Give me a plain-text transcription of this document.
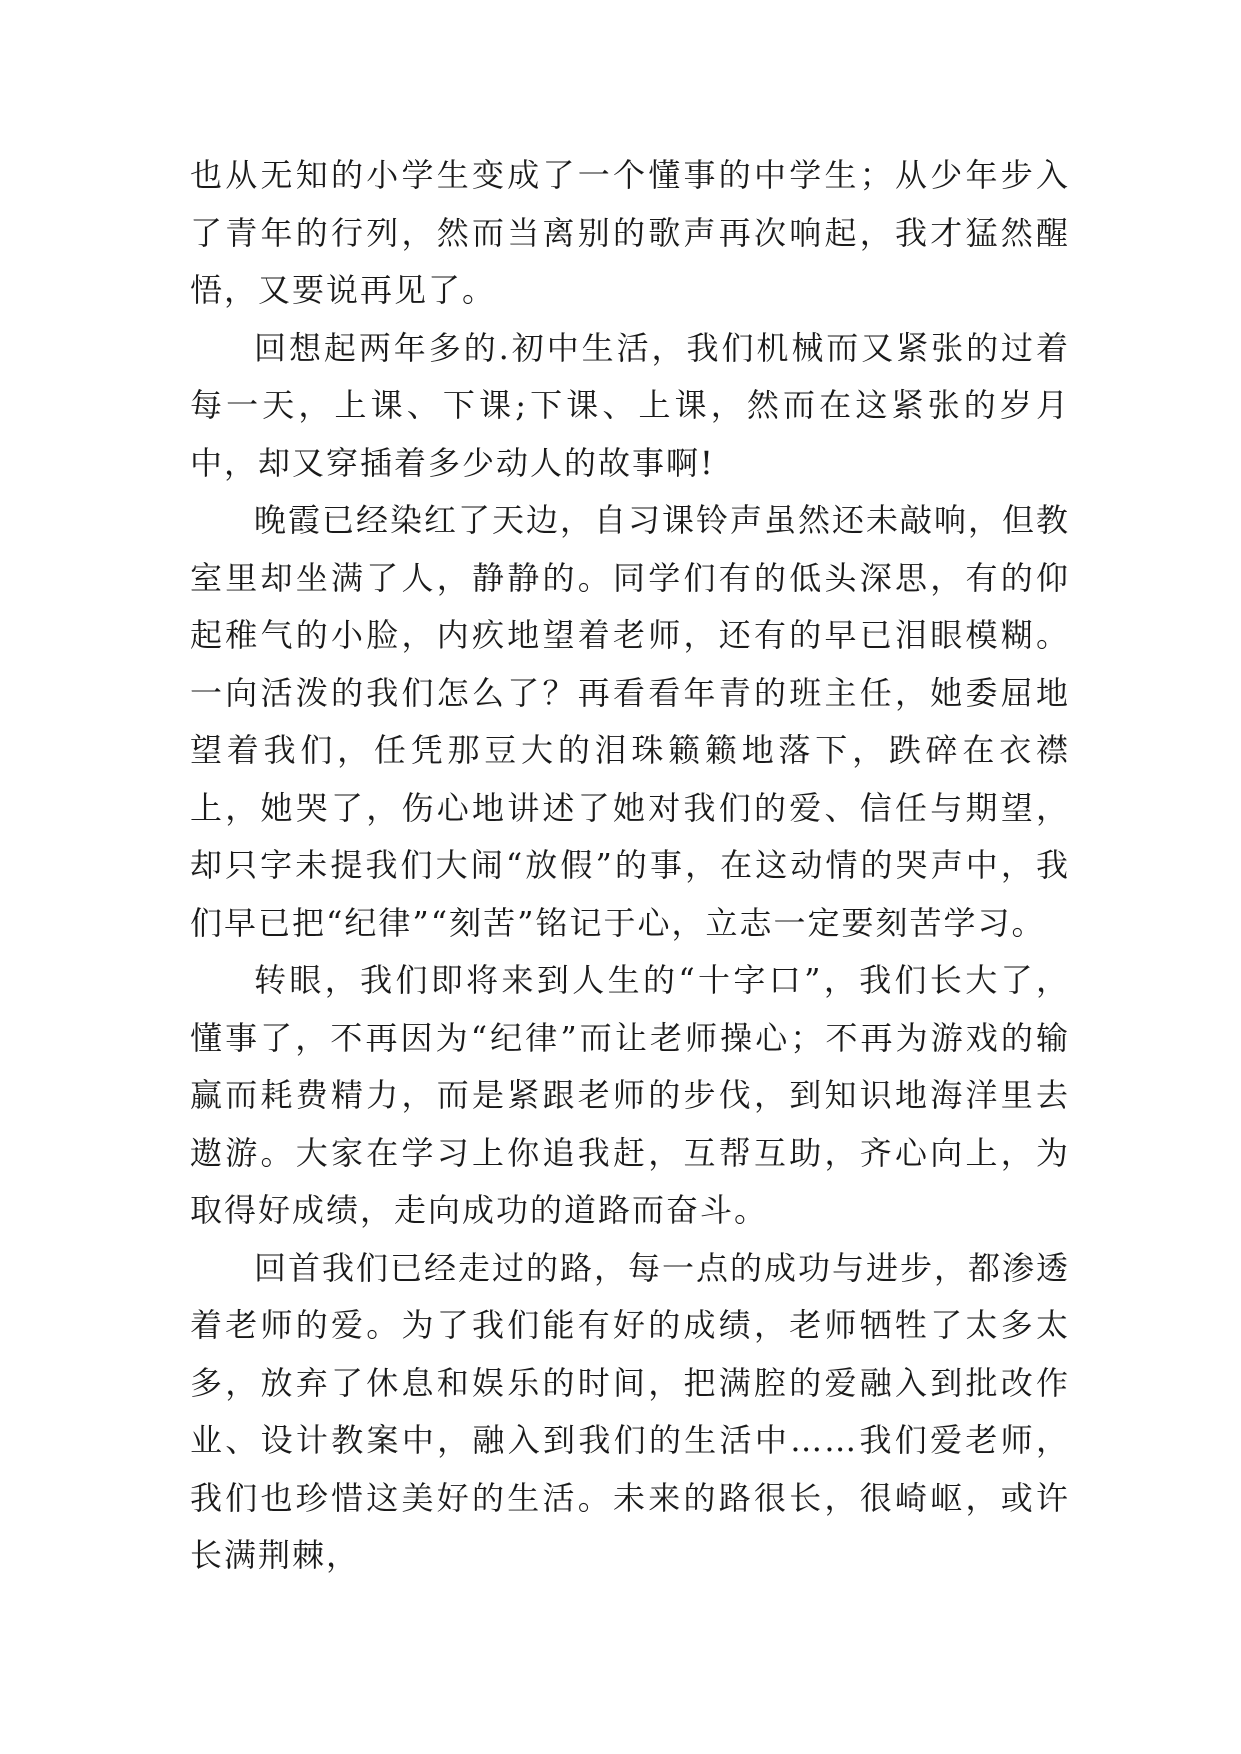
也从无知的小学生变成了一个懂事的中学生；从少年步入了青年的行列，然而当离别的歌声再次响起，我才猛然醒悟，又要说再见了。

回想起两年多的.初中生活，我们机械而又紧张的过着每一天，上课、下课;下课、上课，然而在这紧张的岁月中，却又穿插着多少动人的故事啊!

晚霞已经染红了天边，自习课铃声虽然还未敲响，但教室里却坐满了人，静静的。同学们有的低头深思，有的仰起稚气的小脸，内疚地望着老师，还有的早已泪眼模糊。一向活泼的我们怎么了？再看看年青的班主任，她委屈地望着我们，任凭那豆大的泪珠籁籁地落下，跌碎在衣襟上，她哭了，伤心地讲述了她对我们的爱、信任与期望，却只字未提我们大闹“放假”的事，在这动情的哭声中，我们早已把“纪律”“刻苦”铭记于心，立志一定要刻苦学习。

转眼，我们即将来到人生的“十字口”，我们长大了，懂事了，不再因为“纪律”而让老师操心；不再为游戏的输赢而耗费精力，而是紧跟老师的步伐，到知识地海洋里去遨游。大家在学习上你追我赶，互帮互助，齐心向上，为取得好成绩，走向成功的道路而奋斗。

回首我们已经走过的路，每一点的成功与进步，都渗透着老师的爱。为了我们能有好的成绩，老师牺牲了太多太多，放弃了休息和娱乐的时间，把满腔的爱融入到批改作业、设计教案中，融入到我们的生活中……我们爱老师，我们也珍惜这美好的生活。未来的路很长，很崎岖，或许长满荆棘，
